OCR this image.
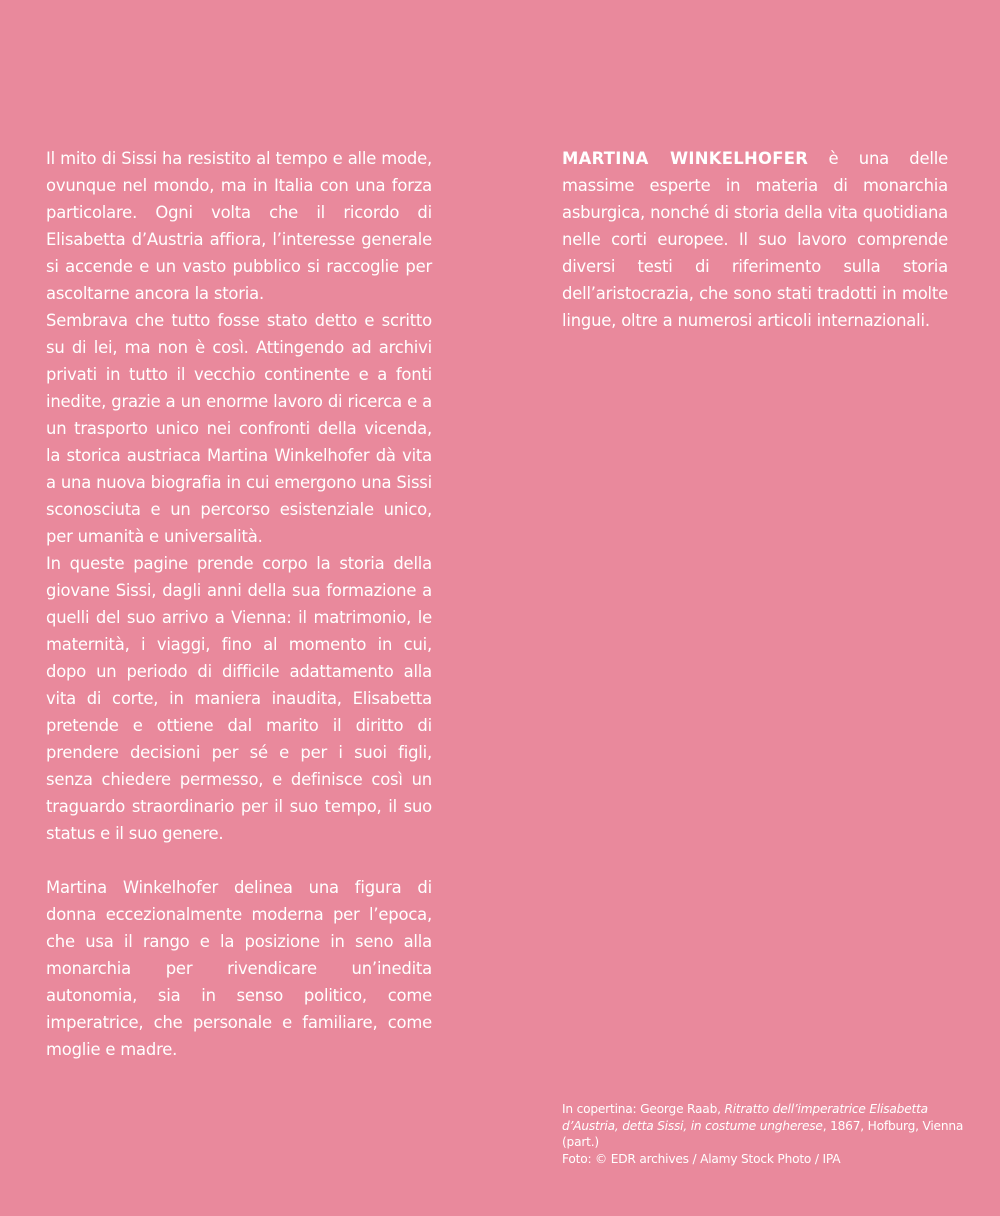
Il mito di Sissi ha resistito al tempo e alle mode, ovunque nel mondo, ma in Italia con una forza particolare. Ogni volta che il ricordo di Elisabetta d’Austria affiora, l’interesse generale si accende e un vasto pubblico si raccoglie per ascoltarne ancora la storia.

Sembrava che tutto fosse stato detto e scritto su di lei, ma non è così. Attingendo ad archivi privati in tutto il vecchio continente e a fonti inedite, grazie a un enorme lavoro di ricerca e a un trasporto unico nei confronti della vicenda, la storica austriaca Martina Winkelhofer dà vita a una nuova biografia in cui emergono una Sissi sconosciuta e un percorso esistenziale unico, per umanità e universalità.

In queste pagine prende corpo la storia della giovane Sissi, dagli anni della sua formazione a quelli del suo arrivo a Vienna: il matrimonio, le maternità, i viaggi, fino al momento in cui, dopo un periodo di difficile adattamento alla vita di corte, in maniera inaudita, Elisabetta pretende e ottiene dal marito il diritto di prendere decisioni per sé e per i suoi figli, senza chiedere permesso, e definisce così un traguardo straordinario per il suo tempo, il suo status e il suo genere.

Martina Winkelhofer delinea una figura di donna eccezionalmente moderna per l’epoca, che usa il rango e la posizione in seno alla monarchia per rivendicare un’inedita autonomia, sia in senso politico, come imperatrice, che personale e familiare, come moglie e madre.

MARTINA WINKELHOFER è una delle massime esperte in materia di monarchia asburgica, nonché di storia della vita quotidiana nelle corti europee. Il suo lavoro comprende diversi testi di riferimento sulla storia dell’aristocrazia, che sono stati tradotti in molte lingue, oltre a numerosi articoli internazionali.

In copertina: George Raab, Ritratto dell’imperatrice Elisabetta d’Austria, detta Sissi, in costume ungherese, 1867, Hofburg, Vienna (part.)

Foto: © EDR archives / Alamy Stock Photo / IPA
